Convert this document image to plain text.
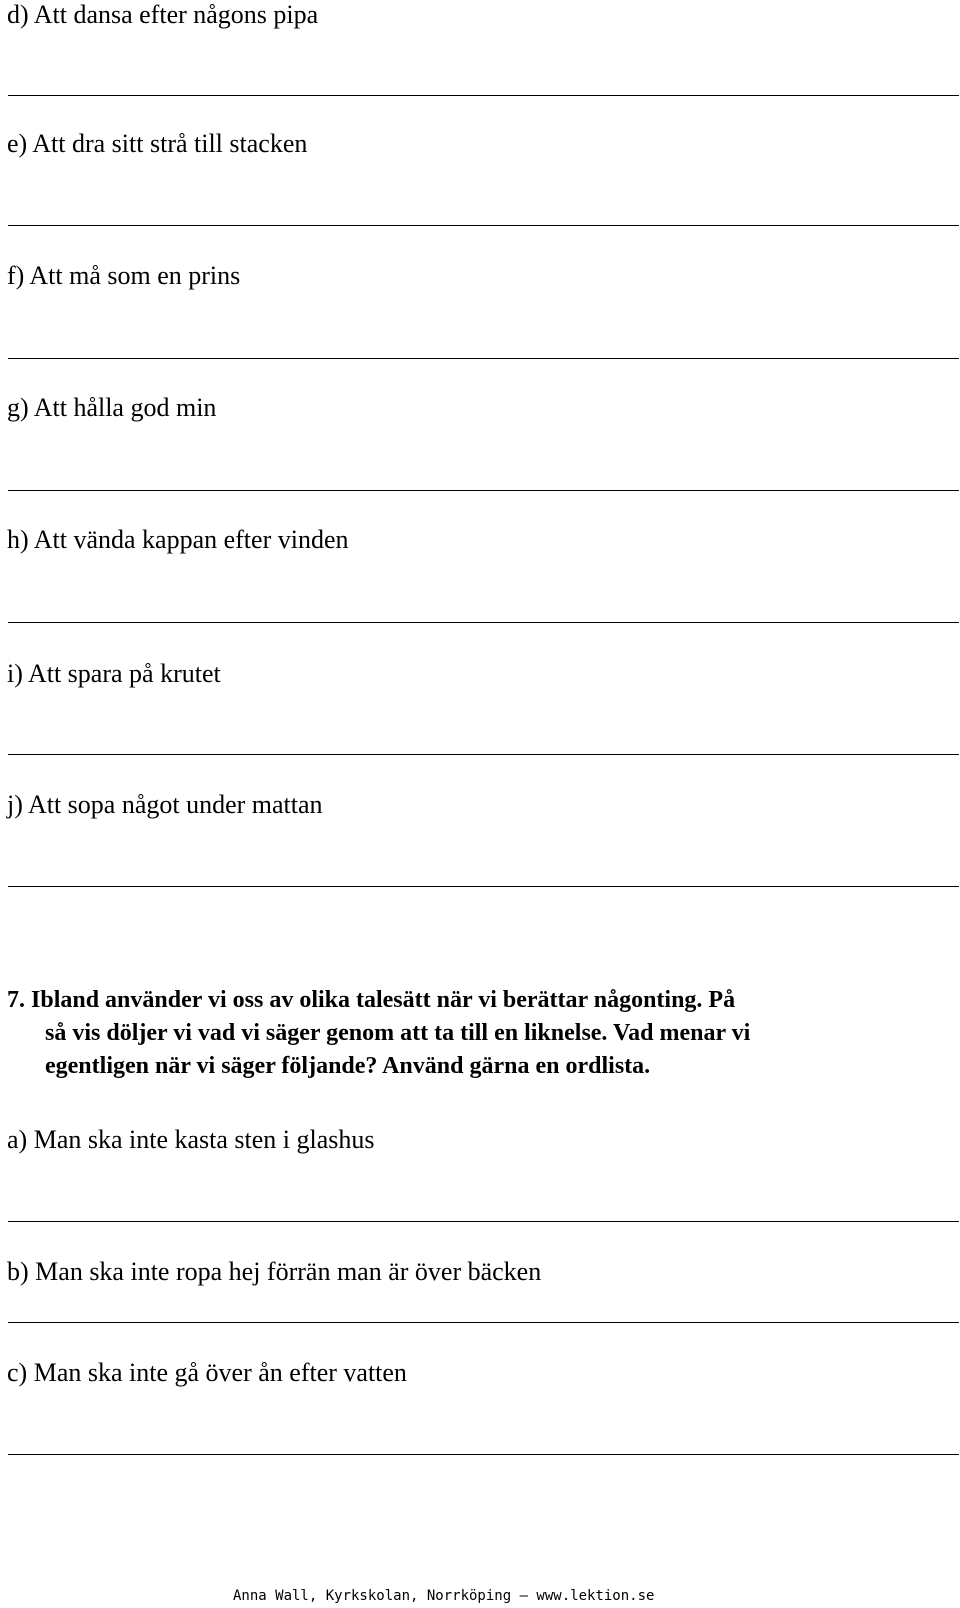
d) Att dansa efter någons pipa
e) Att dra sitt strå till stacken
f) Att må som en prins
g) Att hålla god min
h) Att vända kappan efter vinden
i) Att spara på krutet
j) Att sopa något under mattan
7. Ibland använder vi oss av olika talesätt när vi berättar någonting. På
så vis döljer vi vad vi säger genom att ta till en liknelse. Vad menar vi
egentligen när vi säger följande? Använd gärna en ordlista.
a) Man ska inte kasta sten i glashus
b) Man ska inte ropa hej förrän man är över bäcken
c) Man ska inte gå över ån efter vatten
Anna Wall, Kyrkskolan, Norrköping – www.lektion.se
